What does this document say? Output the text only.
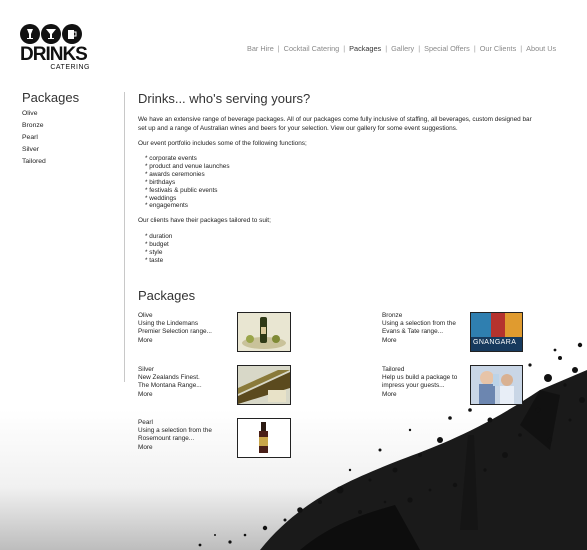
DRINKS
CATERING
Bar Hire | Cocktail Catering | Packages | Gallery | Special Offers | Our Clients | About Us
Packages
Olive
Bronze
Pearl
Silver
Tailored
Drinks... who's serving yours?
We have an extensive range of beverage packages. All of our packages come fully inclusive of staffing, all beverages, custom designed bar
set up and a range of Australian wines and beers for your selection. View our gallery for some event suggestions.
Our event portfolio includes some of the following functions;
* corporate events
* product and venue launches
* awards ceremonies
* birthdays
* festivals & public events
* weddings
* engagements
Our clients have their packages tailored to suit;
* duration
* budget
* style
* taste
Packages
Olive
Using the Lindemans
Premier Selection range...
More
Bronze
Using a selection from the
Evans & Tate range...
More	GNANGARA
Silver
New Zealands Finest.
The Montana Range...
More
Tailored
Help us build a package to
impress your guests...
More
Pearl
Using a selection from the
Rosemount range...
More
